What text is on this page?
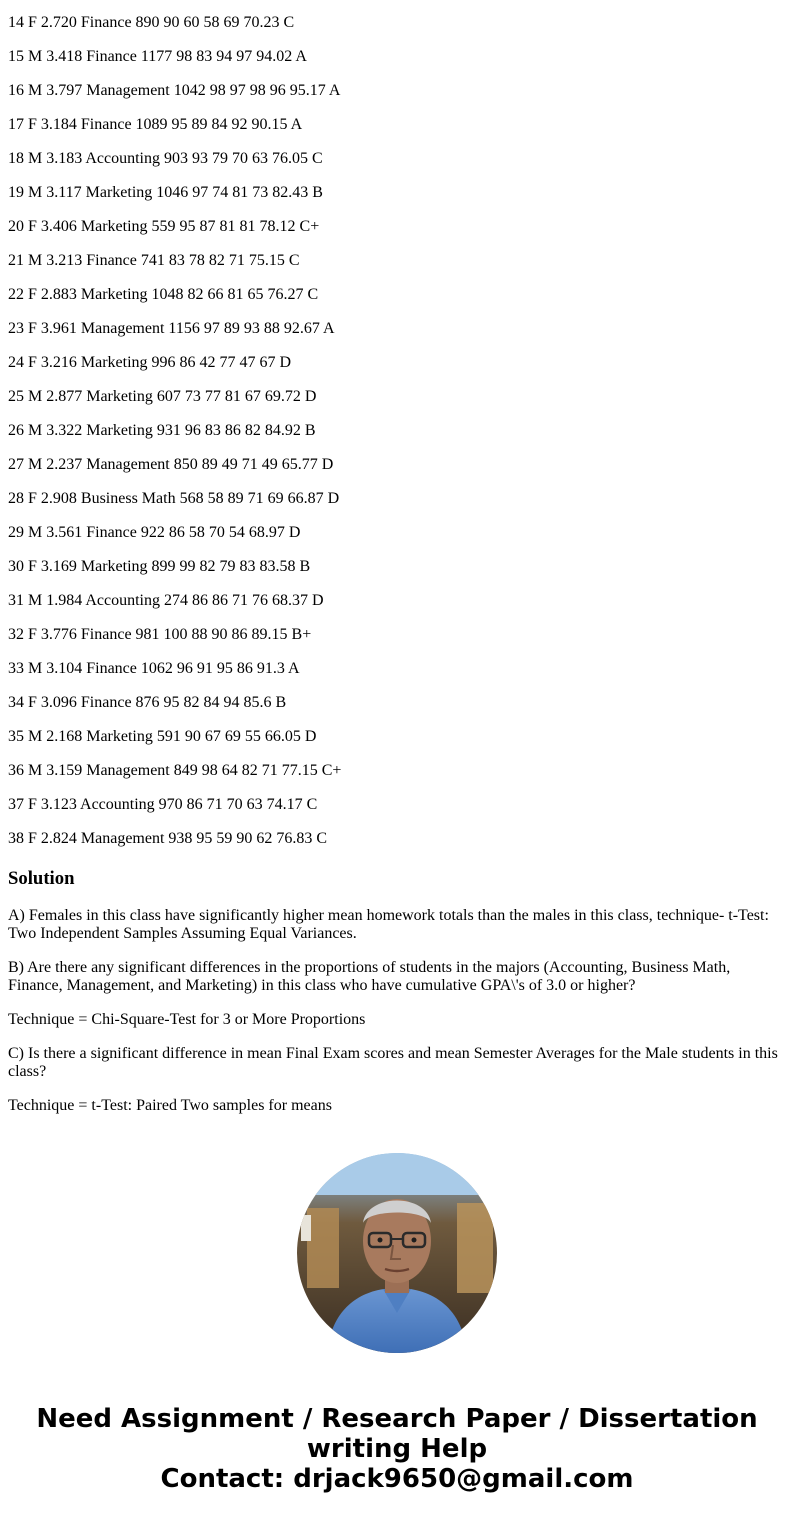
14 F 2.720 Finance 890 90 60 58 69 70.23 C

15 M 3.418 Finance 1177 98 83 94 97 94.02 A

16 M 3.797 Management 1042 98 97 98 96 95.17 A

17 F 3.184 Finance 1089 95 89 84 92 90.15 A

18 M 3.183 Accounting 903 93 79 70 63 76.05 C

19 M 3.117 Marketing 1046 97 74 81 73 82.43 B

20 F 3.406 Marketing 559 95 87 81 81 78.12 C+

21 M 3.213 Finance 741 83 78 82 71 75.15 C

22 F 2.883 Marketing 1048 82 66 81 65 76.27 C

23 F 3.961 Management 1156 97 89 93 88 92.67 A

24 F 3.216 Marketing 996 86 42 77 47 67 D

25 M 2.877 Marketing 607 73 77 81 67 69.72 D

26 M 3.322 Marketing 931 96 83 86 82 84.92 B

27 M 2.237 Management 850 89 49 71 49 65.77 D

28 F 2.908 Business Math 568 58 89 71 69 66.87 D

29 M 3.561 Finance 922 86 58 70 54 68.97 D

30 F 3.169 Marketing 899 99 82 79 83 83.58 B

31 M 1.984 Accounting 274 86 86 71 76 68.37 D

32 F 3.776 Finance 981 100 88 90 86 89.15 B+

33 M 3.104 Finance 1062 96 91 95 86 91.3 A

34 F 3.096 Finance 876 95 82 84 94 85.6 B

35 M 2.168 Marketing 591 90 67 69 55 66.05 D

36 M 3.159 Management 849 98 64 82 71 77.15 C+

37 F 3.123 Accounting 970 86 71 70 63 74.17 C

38 F 2.824 Management 938 95 59 90 62 76.83 C

Solution

A) Females in this class have significantly higher mean homework totals than the males in this class, technique- t-Test: Two Independent Samples Assuming Equal Variances.

B) Are there any significant differences in the proportions of students in the majors (Accounting, Business Math, Finance, Management, and Marketing) in this class who have cumulative GPA\'s of 3.0 or higher?

Technique = Chi-Square-Test for 3 or More Proportions

C) Is there a significant difference in mean Final Exam scores and mean Semester Averages for the Male students in this class?

Technique = t-Test: Paired Two samples for means

Need Assignment / Research Paper / Dissertation
writing Help
Contact: drjack9650@gmail.com
